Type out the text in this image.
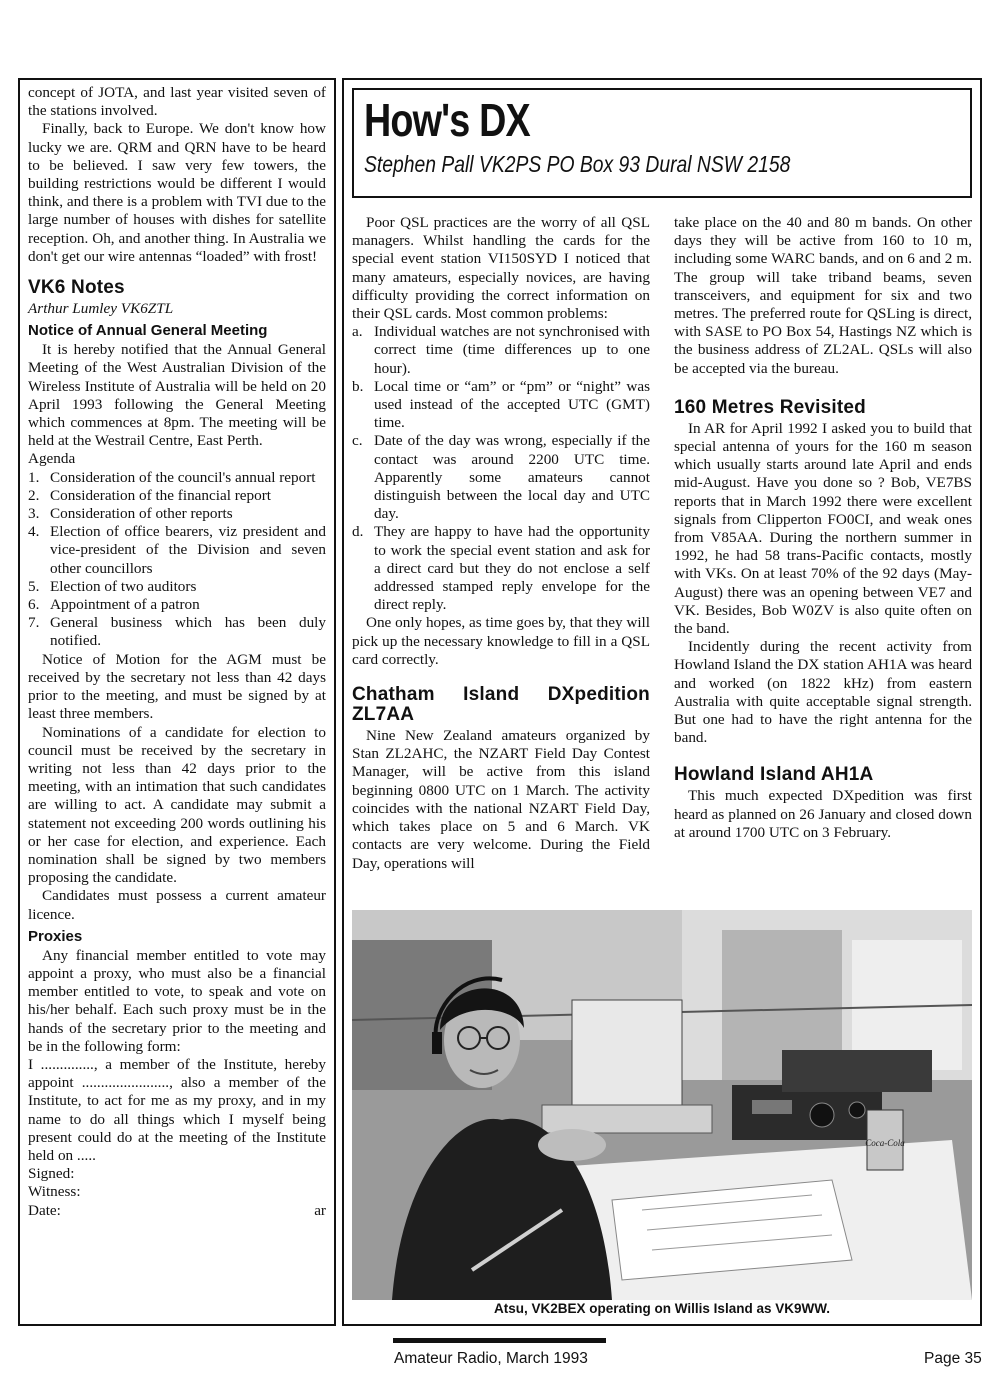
concept of JOTA, and last year visited seven of the stations involved.

Finally, back to Europe. We don't know how lucky we are. QRM and QRN have to be heard to be believed. I saw very few towers, the building restrictions would be different I would think, and there is a problem with TVI due to the large number of houses with dishes for satellite reception. Oh, and another thing. In Australia we don't get our wire antennas “loaded” with frost!

VK6 Notes
Arthur Lumley VK6ZTL
Notice of Annual General Meeting

It is hereby notified that the Annual General Meeting of the West Australian Division of the Wireless Institute of Australia will be held on 20 April 1993 following the General Meeting which commences at 8pm. The meeting will be held at the Westrail Centre, East Perth.

Agenda
1. Consideration of the council's annual report
2. Consideration of the financial report
3. Consideration of other reports
4. Election of office bearers, viz president and vice-president of the Division and seven other councillors
5. Election of two auditors
6. Appointment of a patron
7. General business which has been duly notified.

Notice of Motion for the AGM must be received by the secretary not less than 42 days prior to the meeting, and must be signed by at least three members.

Nominations of a candidate for election to council must be received by the secretary in writing not less than 42 days prior to the meeting, with an intimation that such candidates are willing to act. A candidate may submit a statement not exceeding 200 words outlining his or her case for election, and experience. Each nomination shall be signed by two members proposing the candidate.

Candidates must possess a current amateur licence.

Proxies

Any financial member entitled to vote may appoint a proxy, who must also be a financial member entitled to vote, to speak and vote on his/her behalf. Each such proxy must be in the hands of the secretary prior to the meeting and be in the following form:

I .............., a member of the Institute, hereby appoint ......................., also a member of the Institute, to act for me as my proxy, and in my name to do all things which I myself being present could do at the meeting of the Institute held on .....

Signed:
Witness:
Date:	ar
How's DX
Stephen Pall VK2PS PO Box 93 Dural NSW 2158

Poor QSL practices are the worry of all QSL managers. Whilst handling the cards for the special event station VI150SYD I noticed that many amateurs, especially novices, are having difficulty providing the correct information on their QSL cards. Most common problems:

a. Individual watches are not synchronised with correct time (time differences up to one hour).
b. Local time or “am” or “pm” or “night” was used instead of the accepted UTC (GMT) time.
c. Date of the day was wrong, especially if the contact was around 2200 UTC time. Apparently some amateurs cannot distinguish between the local day and UTC day.
d. They are happy to have had the opportunity to work the special event station and ask for a direct card but they do not enclose a self addressed stamped reply envelope for the direct reply.

One only hopes, as time goes by, that they will pick up the necessary knowledge to fill in a QSL card correctly.

Chatham Island DXpedition ZL7AA

Nine New Zealand amateurs organized by Stan ZL2AHC, the NZART Field Day Contest Manager, will be active from this island beginning 0800 UTC on 1 March. The activity coincides with the national NZART Field Day, which takes place on 5 and 6 March. VK contacts are very welcome. During the Field Day, operations will

take place on the 40 and 80 m bands. On other days they will be active from 160 to 10 m, including some WARC bands, and on 6 and 2 m. The group will take triband beams, seven transceivers, and equipment for six and two metres. The preferred route for QSLing is direct, with SASE to PO Box 54, Hastings NZ which is the business address of ZL2AL. QSLs will also be accepted via the bureau.

160 Metres Revisited

In AR for April 1992 I asked you to build that special antenna of yours for the 160 m season which usually starts around late April and ends mid-August. Have you done so ? Bob, VE7BS reports that in March 1992 there were excellent signals from Clipperton FO0CI, and weak ones from V85AA. During the northern summer in 1992, he had 58 trans-Pacific contacts, mostly with VKs. On at least 70% of the 92 days (May-August) there was an opening between VE7 and VK. Besides, Bob W0ZV is also quite often on the band.

Incidently during the recent activity from Howland Island the DX station AH1A was heard and worked (on 1822 kHz) from eastern Australia with quite acceptable signal strength. But one had to have the right antenna for the band.

Howland Island AH1A

This much expected DXpedition was first heard as planned on 26 January and closed down at around 1700 UTC on 3 February.

Coca-Cola
Atsu, VK2BEX operating on Willis Island as VK9WW.
Amateur Radio, March 1993	Page 35
